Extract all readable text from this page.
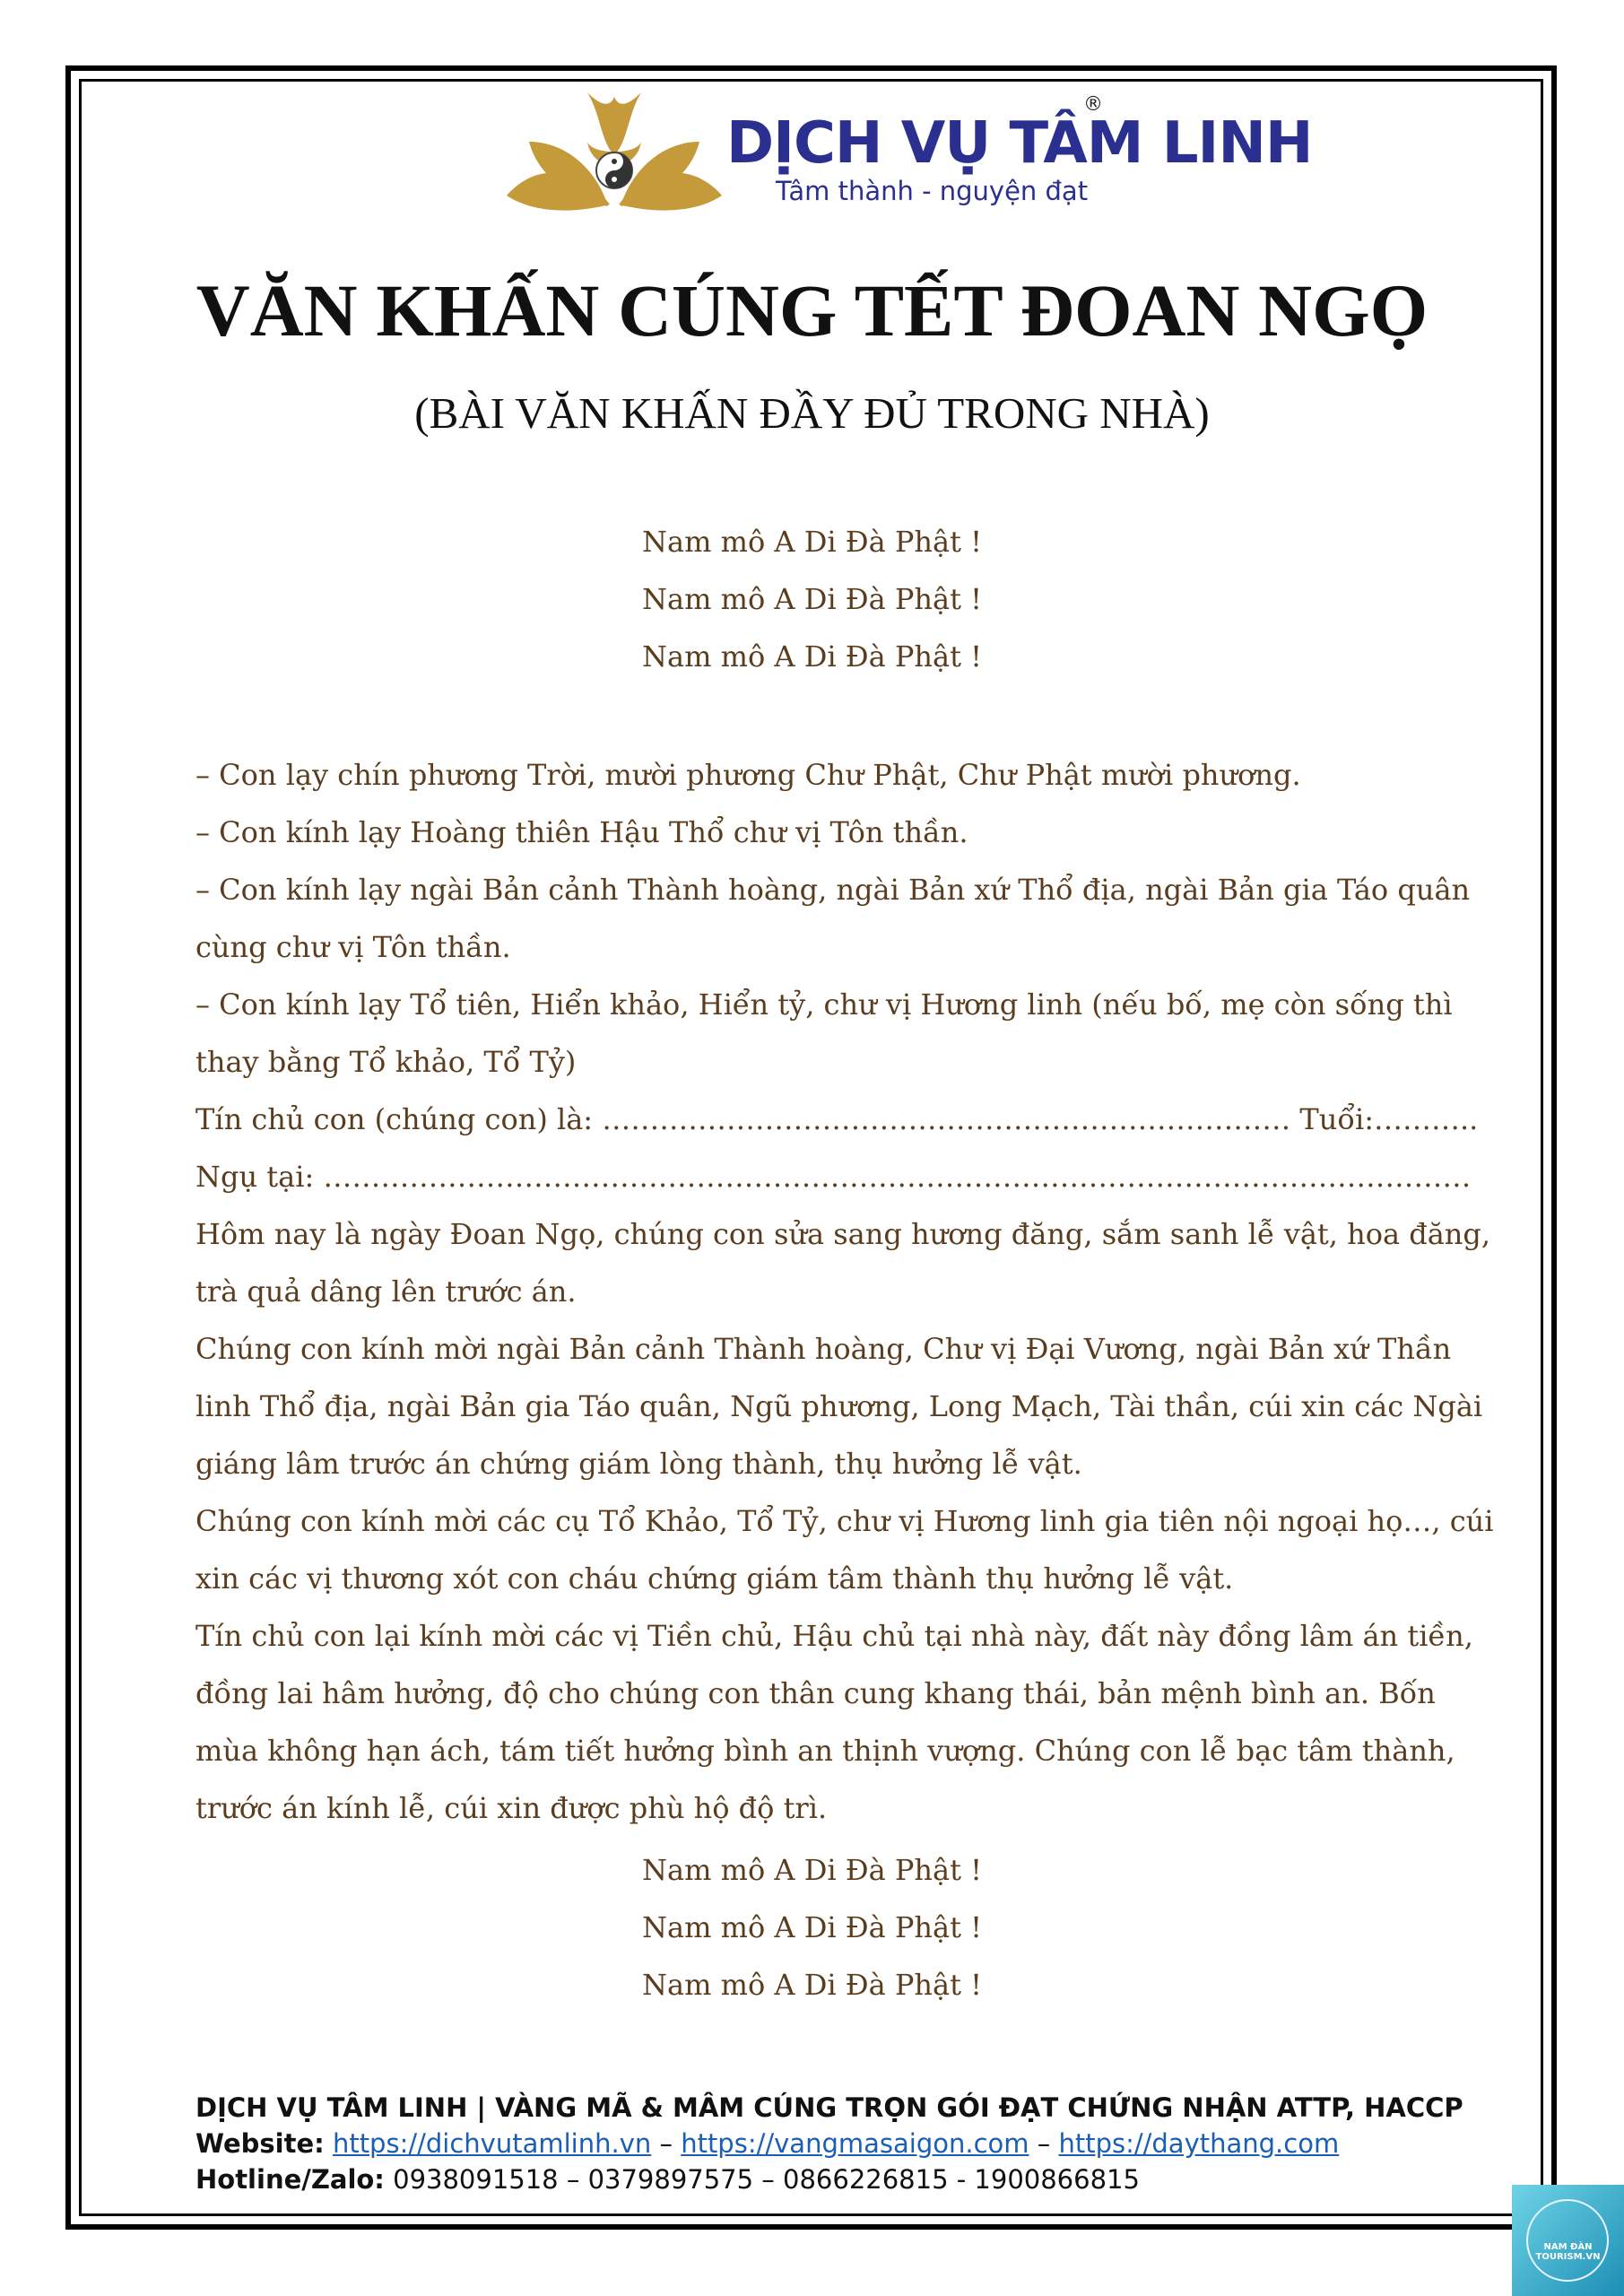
DỊCH VỤ TÂM LINH
®
Tâm thành - nguyện đạt
VĂN KHẤN CÚNG TẾT ĐOAN NGỌ
(BÀI VĂN KHẤN ĐẦY ĐỦ TRONG NHÀ)
Nam mô A Di Đà Phật !
Nam mô A Di Đà Phật !
Nam mô A Di Đà Phật !
– Con lạy chín phương Trời, mười phương Chư Phật, Chư Phật mười phương.
– Con kính lạy Hoàng thiên Hậu Thổ chư vị Tôn thần.
– Con kính lạy ngài Bản cảnh Thành hoàng, ngài Bản xứ Thổ địa, ngài Bản gia Táo quân
cùng chư vị Tôn thần.
– Con kính lạy Tổ tiên, Hiển khảo, Hiển tỷ, chư vị Hương linh (nếu bố, mẹ còn sống thì
thay bằng Tổ khảo, Tổ Tỷ)
Tín chủ con (chúng con) là: ……………………………………………………………… Tuổi:………..
Ngụ tại: …………………………………………………………………………………………………………
Hôm nay là ngày Đoan Ngọ, chúng con sửa sang hương đăng, sắm sanh lễ vật, hoa đăng,
trà quả dâng lên trước án.
Chúng con kính mời ngài Bản cảnh Thành hoàng, Chư vị Đại Vương, ngài Bản xứ Thần
linh Thổ địa, ngài Bản gia Táo quân, Ngũ phương, Long Mạch, Tài thần, cúi xin các Ngài
giáng lâm trước án chứng giám lòng thành, thụ hưởng lễ vật.
Chúng con kính mời các cụ Tổ Khảo, Tổ Tỷ, chư vị Hương linh gia tiên nội ngoại họ…, cúi
xin các vị thương xót con cháu chứng giám tâm thành thụ hưởng lễ vật.
Tín chủ con lại kính mời các vị Tiền chủ, Hậu chủ tại nhà này, đất này đồng lâm án tiền,
đồng lai hâm hưởng, độ cho chúng con thân cung khang thái, bản mệnh bình an. Bốn
mùa không hạn ách, tám tiết hưởng bình an thịnh vượng. Chúng con lễ bạc tâm thành,
trước án kính lễ, cúi xin được phù hộ độ trì.
Nam mô A Di Đà Phật !
Nam mô A Di Đà Phật !
Nam mô A Di Đà Phật !
DỊCH VỤ TÂM LINH | VÀNG MÃ & MÂM CÚNG TRỌN GÓI ĐẠT CHỨNG NHẬN ATTP, HACCP
Website: https://dichvutamlinh.vn – https://vangmasaigon.com – https://daythang.com
Hotline/Zalo: 0938091518 – 0379897575 – 0866226815 - 1900866815
NAM ĐÀN
TOURISM.VN
